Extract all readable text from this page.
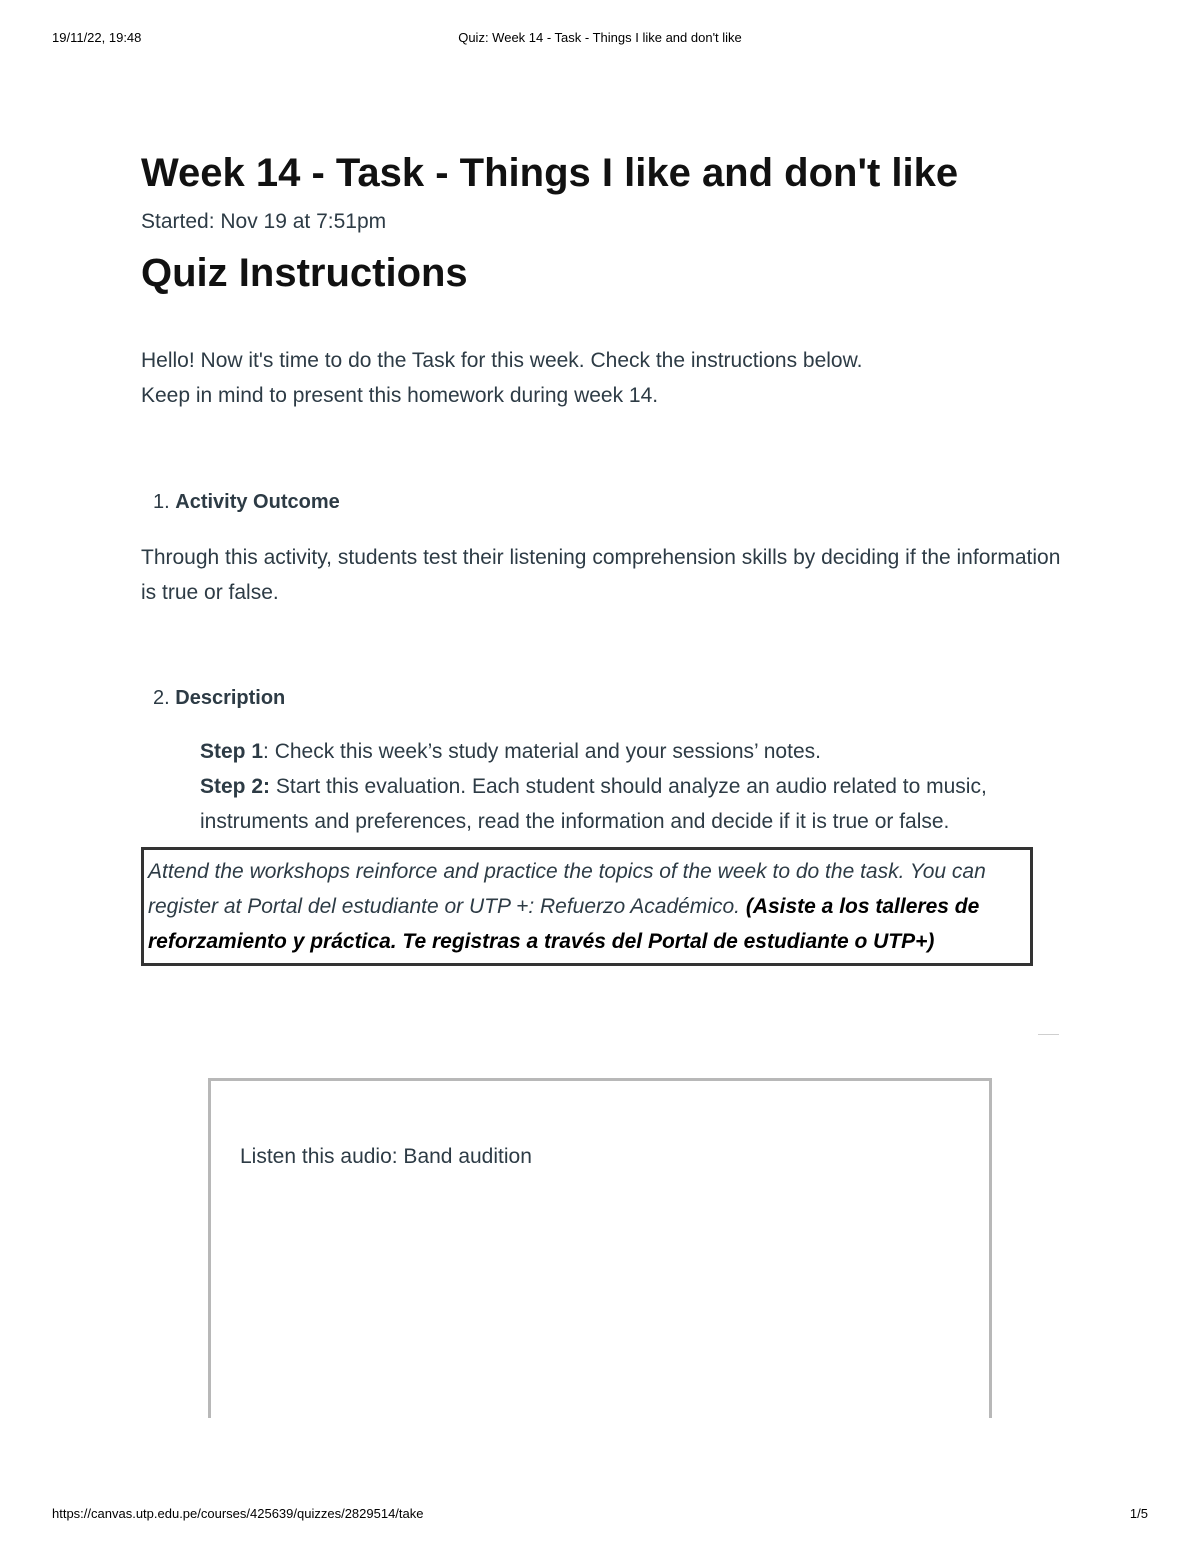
19/11/22, 19:48	Quiz: Week 14 - Task - Things I like and don't like
Week 14 - Task - Things I like and don't like
Started: Nov 19 at 7:51pm
Quiz Instructions
Hello! Now it's time to do the Task for this week. Check the instructions below.
Keep in mind to present this homework during week 14.
1. Activity Outcome
Through this activity, students test their listening comprehension skills by deciding if the information is true or false.
2. Description
Step 1: Check this week’s study material and your sessions’ notes.
Step 2: Start this evaluation. Each student should analyze an audio related to music, instruments and preferences, read the information and decide if it is true or false.
Attend the workshops reinforce and practice the topics of the week to do the task. You can register at Portal del estudiante or UTP +: Refuerzo Académico. (Asiste a los talleres de reforzamiento y práctica. Te registras a través del Portal de estudiante o UTP+)
Listen this audio: Band audition
https://canvas.utp.edu.pe/courses/425639/quizzes/2829514/take	1/5
